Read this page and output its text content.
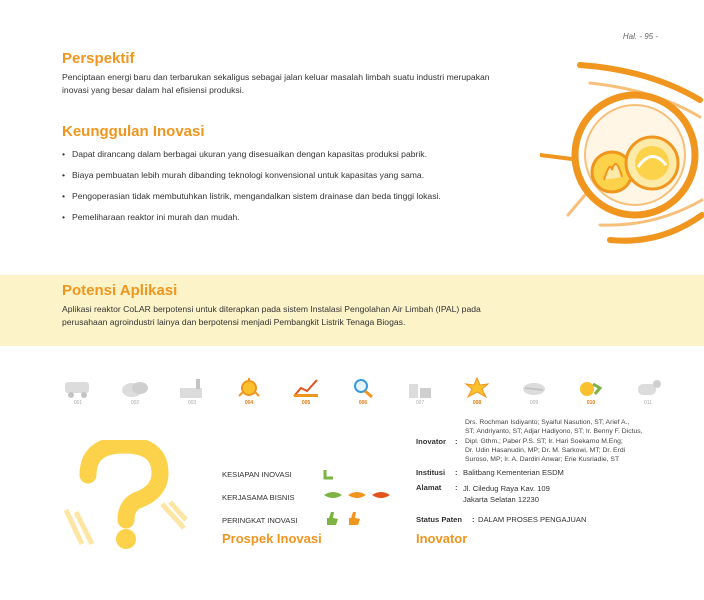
Hal. - 95 -
Perspektif
Penciptaan energi baru dan terbarukan sekaligus sebagai jalan keluar masalah limbah suatu industri merupakan
inovasi yang besar dalam hal efisiensi produksi.
Keunggulan Inovasi
• Dapat dirancang dalam berbagai ukuran yang disesuaikan dengan kapasitas produksi pabrik.
• Biaya pembuatan lebih murah dibanding teknologi konvensional untuk kapasitas yang sama.
• Pengoperasian tidak membutuhkan listrik, mengandalkan sistem drainase dan beda tinggi lokasi.
• Pemeliharaan reaktor ini murah dan mudah.
Potensi Aplikasi
Aplikasi reaktor CoLAR berpotensi untuk diterapkan pada sistem Instalasi Pengolahan Air Limbah (IPAL) pada
perusahaan agroindustri lainya dan berpotensi menjadi Pembangkit Listrik Tenaga Biogas.
001	002	003	004	005	006	007	008	009	010	011
KESIAPAN INOVASI
KERJASAMA BISNIS
PERINGKAT INOVASI
Prospek Inovasi
Inovator :
Drs. Rochman Isdiyanto; Syaiful Nasution, ST; Arief A.,
ST; Andriyanto, ST; Adjar Hadiyono, ST; Ir. Benny F. Dictus,
Dipl. Gthm.; Paber P.S. ST; Ir. Hari Soekarno M.Eng;
Dr. Udin Hasanudin, MP; Dr. M. Sarkowi, MT; Dr. Erdi
Suroso, MP; Ir. A. Dardiri Anwar; Erie Kusriadie, ST
Institusi : Balitbang Kementerian ESDM
Alamat : Jl. Ciledug Raya Kav. 109
Jakarta Selatan 12230
Status Paten : DALAM PROSES PENGAJUAN
Inovator
